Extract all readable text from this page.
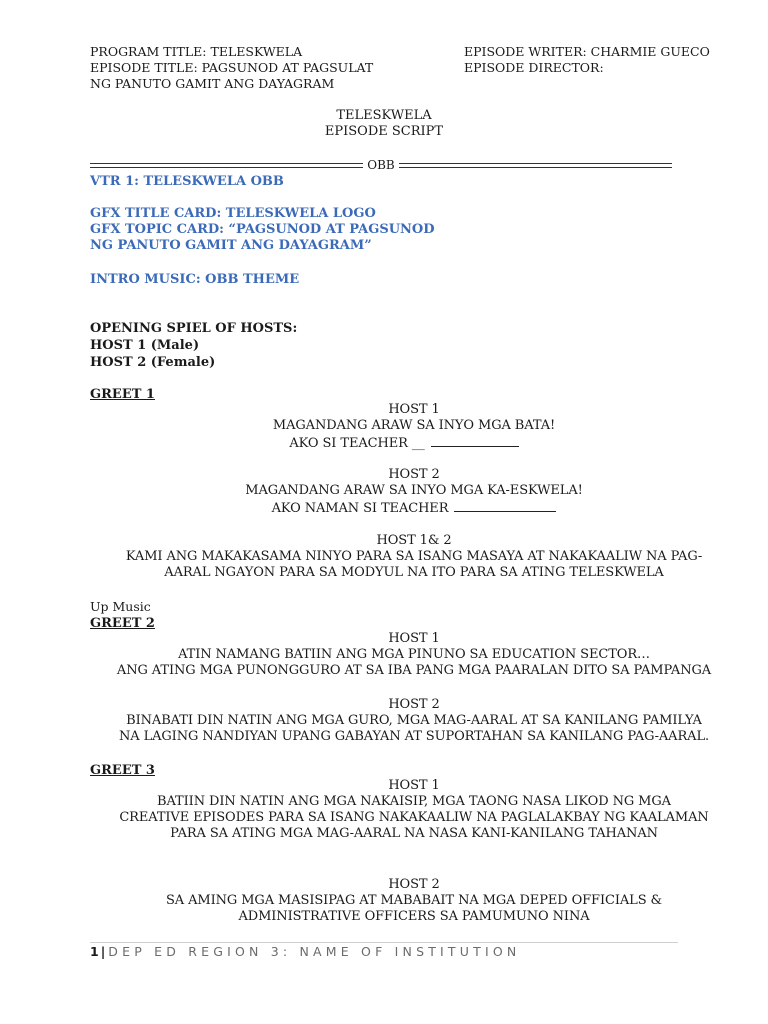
PROGRAM TITLE: TELESKWELA
EPISODE TITLE: PAGSUNOD AT PAGSULAT
NG PANUTO GAMIT ANG DAYAGRAM
EPISODE WRITER: CHARMIE GUECO
EPISODE DIRECTOR:
TELESKWELA
EPISODE SCRIPT
OBB
VTR 1: TELESKWELA OBB
GFX TITLE CARD: TELESKWELA LOGO
GFX TOPIC CARD: “PAGSUNOD AT PAGSUNOD
NG PANUTO GAMIT ANG DAYAGRAM”
INTRO MUSIC: OBB THEME
OPENING SPIEL OF HOSTS:
HOST 1 (Male)
HOST 2 (Female)
GREET 1
HOST 1
MAGANDANG ARAW SA INYO MGA BATA!
AKO SI TEACHER __
HOST 2
MAGANDANG ARAW SA INYO MGA KA-ESKWELA!
AKO NAMAN SI TEACHER
HOST 1& 2
KAMI ANG MAKAKASAMA NINYO PARA SA ISANG MASAYA AT NAKAKAALIW NA PAG-
AARAL NGAYON PARA SA MODYUL NA ITO PARA SA ATING TELESKWELA
Up Music
GREET 2
HOST 1
ATIN NAMANG BATIIN ANG MGA PINUNO SA EDUCATION SECTOR…
ANG ATING MGA PUNONGGURO AT SA IBA PANG MGA PAARALAN DITO SA PAMPANGA
HOST 2
BINABATI DIN NATIN ANG MGA GURO, MGA MAG-AARAL AT SA KANILANG PAMILYA
NA LAGING NANDIYAN UPANG GABAYAN AT SUPORTAHAN SA KANILANG PAG-AARAL.
GREET 3
HOST 1
BATIIN DIN NATIN ANG MGA NAKAISIP, MGA TAONG NASA LIKOD NG MGA
CREATIVE EPISODES PARA SA ISANG NAKAKAALIW NA PAGLALAKBAY NG KAALAMAN
PARA SA ATING MGA MAG-AARAL NA NASA KANI-KANILANG TAHANAN
HOST 2
SA AMING MGA MASISIPAG AT MABABAIT NA MGA DEPED OFFICIALS &
ADMINISTRATIVE OFFICERS SA PAMUMUNO NINA
1 | DEP ED REGION 3: NAME OF INSTITUTION
